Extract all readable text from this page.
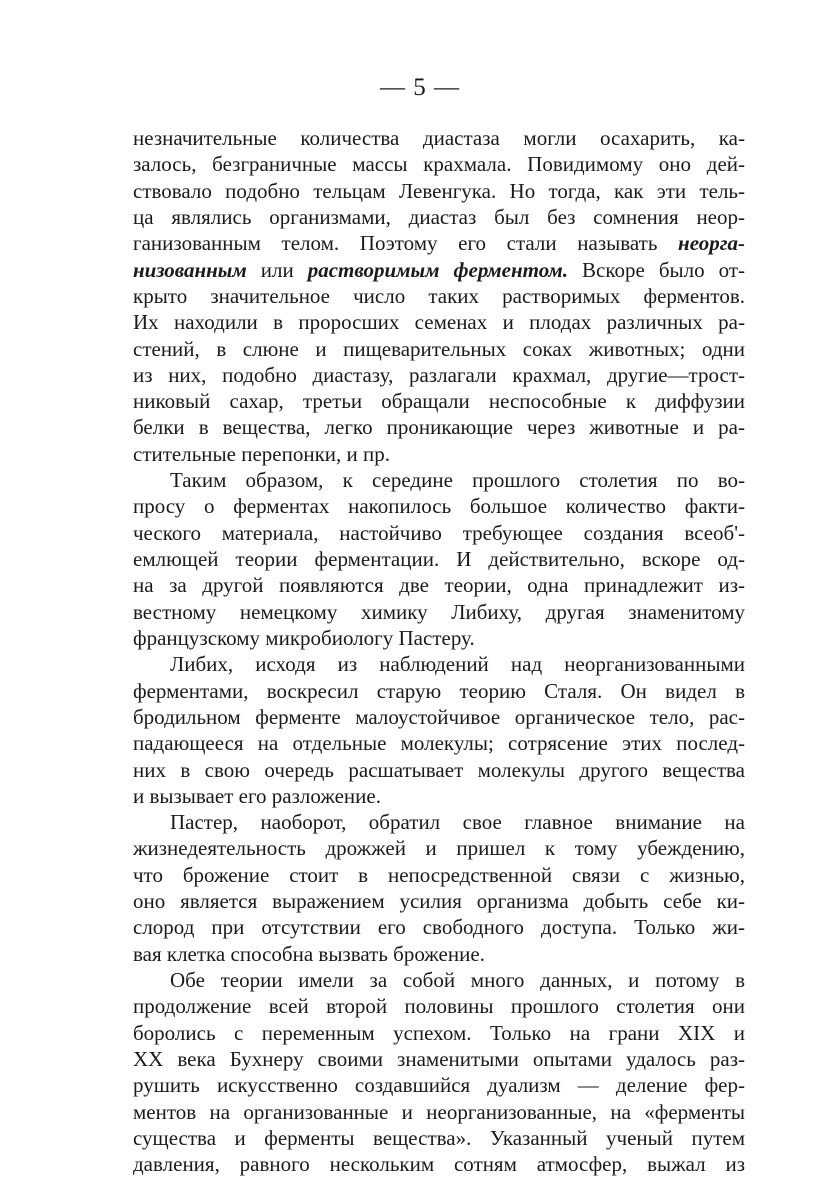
— 5 —
незначительные количества диастаза могли осахарить, ка-
залось, безграничные массы крахмала. Повидимому оно дей-
ствовало подобно тельцам Левенгука. Но тогда, как эти тель-
ца являлись организмами, диастаз был без сомнения неор-
ганизованным телом. Поэтому его стали называть неорга-
низованным или растворимым ферментом. Вскоре было от-
крыто значительное число таких растворимых ферментов.
Их находили в проросших семенах и плодах различных ра-
стений, в слюне и пищеварительных соках животных; одни
из них, подобно диастазу, разлагали крахмал, другие—трост-
никовый сахар, третьи обращали неспособные к диффузии
белки в вещества, легко проникающие через животные и ра-
стительные перепонки, и пр.
Таким образом, к середине прошлого столетия по во-
просу о ферментах накопилось большое количество факти-
ческого материала, настойчиво требующее создания всеоб'-
емлющей теории ферментации. И действительно, вскоре од-
на за другой появляются две теории, одна принадлежит из-
вестному немецкому химику Либиху, другая знаменитому
французскому микробиологу Пастеру.
Либих, исходя из наблюдений над неорганизованными
ферментами, воскресил старую теорию Сталя. Он видел в
бродильном ферменте малоустойчивое органическое тело, рас-
падающееся на отдельные молекулы; сотрясение этих послед-
них в свою очередь расшатывает молекулы другого вещества
и вызывает его разложение.
Пастер, наоборот, обратил свое главное внимание на
жизнедеятельность дрожжей и пришел к тому убеждению,
что брожение стоит в непосредственной связи с жизнью,
оно является выражением усилия организма добыть себе ки-
слород при отсутствии его свободного доступа. Только жи-
вая клетка способна вызвать брожение.
Обе теории имели за собой много данных, и потому в
продолжение всей второй половины прошлого столетия они
боролись с переменным успехом. Только на грани XIX и
XX века Бухнеру своими знаменитыми опытами удалось раз-
рушить искусственно создавшийся дуализм — деление фер-
ментов на организованные и неорганизованные, на «ферменты
существа и ферменты вещества». Указанный ученый путем
давления, равного нескольким сотням атмосфер, выжал из
